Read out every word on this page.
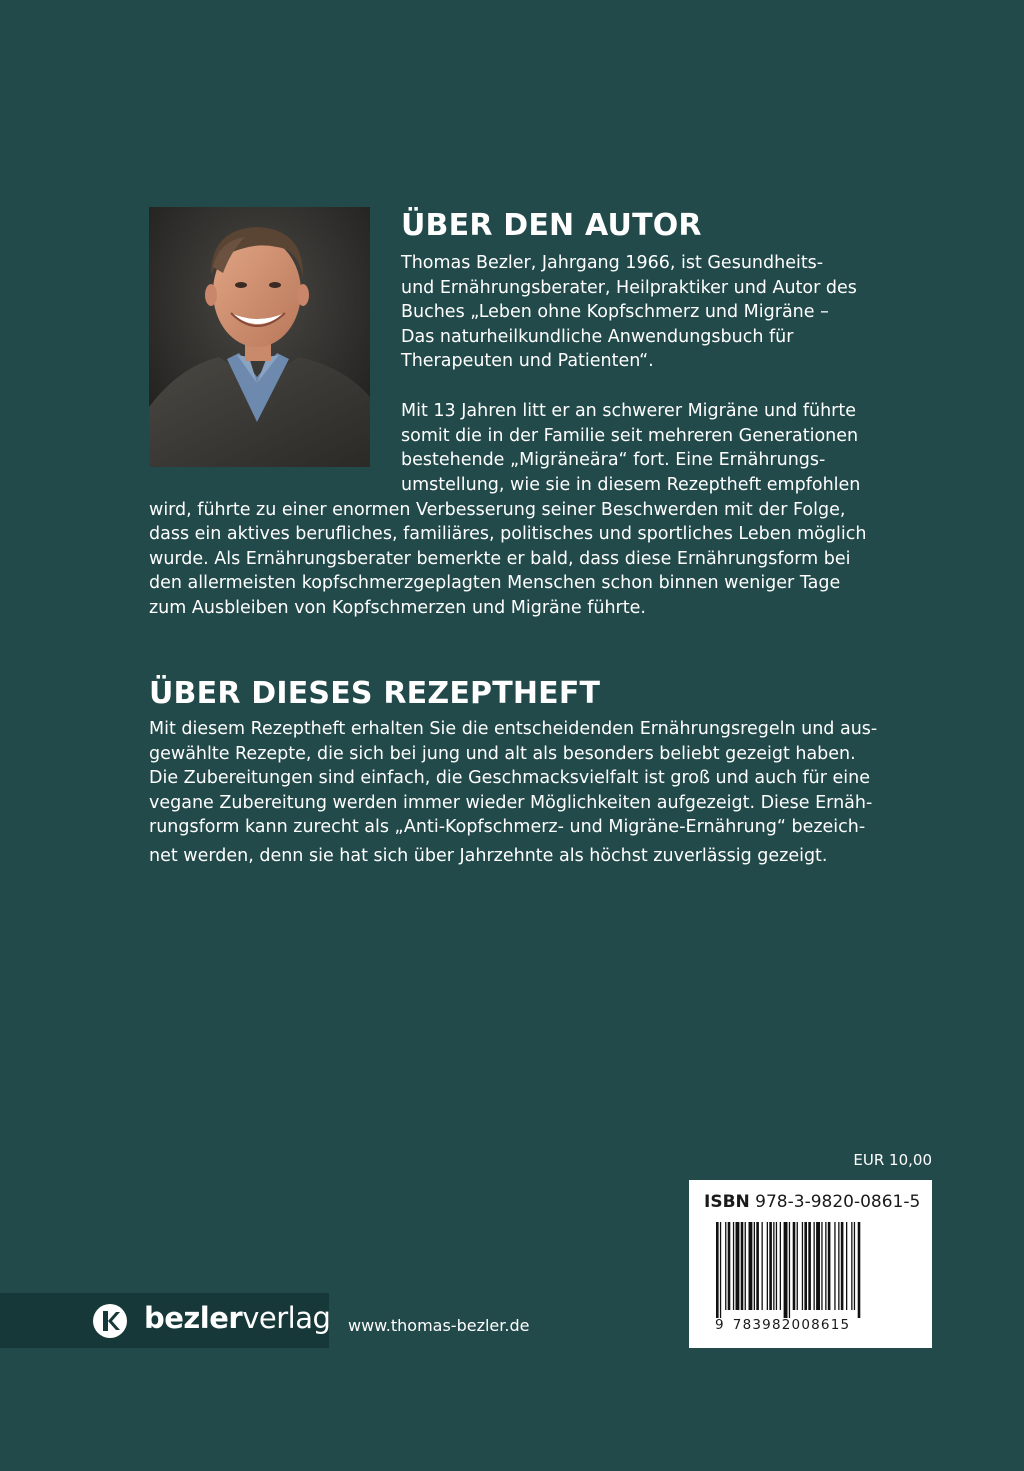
ÜBER DEN AUTOR

Thomas Bezler, Jahrgang 1966, ist Gesundheits-
und Ernährungsberater, Heilpraktiker und Autor des
Buches „Leben ohne Kopfschmerz und Migräne –
Das naturheilkundliche Anwendungsbuch für
Therapeuten und Patienten“.

Mit 13 Jahren litt er an schwerer Migräne und führte
somit die in der Familie seit mehreren Generationen
bestehende „Migräneära“ fort. Eine Ernährungs-

umstellung, wie sie in diesem Rezeptheft empfohlen
wird, führte zu einer enormen Verbesserung seiner Beschwerden mit der Folge,
dass ein aktives berufliches, familiäres, politisches und sportliches Leben möglich
wurde. Als Ernährungsberater bemerkte er bald, dass diese Ernährungsform bei
den allermeisten kopfschmerzgeplagten Menschen schon binnen weniger Tage
zum Ausbleiben von Kopfschmerzen und Migräne führte.

ÜBER DIESES REZEPTHEFT

Mit diesem Rezeptheft erhalten Sie die entscheidenden Ernährungsregeln und aus-
gewählte Rezepte, die sich bei jung und alt als besonders beliebt gezeigt haben.
Die Zubereitungen sind einfach, die Geschmacksvielfalt ist groß und auch für eine
vegane Zubereitung werden immer wieder Möglichkeiten aufgezeigt. Diese Ernäh-
rungsform kann zurecht als „Anti-Kopfschmerz- und Migräne-Ernährung“ bezeich-
net werden, denn sie hat sich über Jahrzehnte als höchst zuverlässig gezeigt.

EUR 10,00
ISBN 978-3-9820-0861-5
9 783982008615
bezlerverlag www.thomas-bezler.de
